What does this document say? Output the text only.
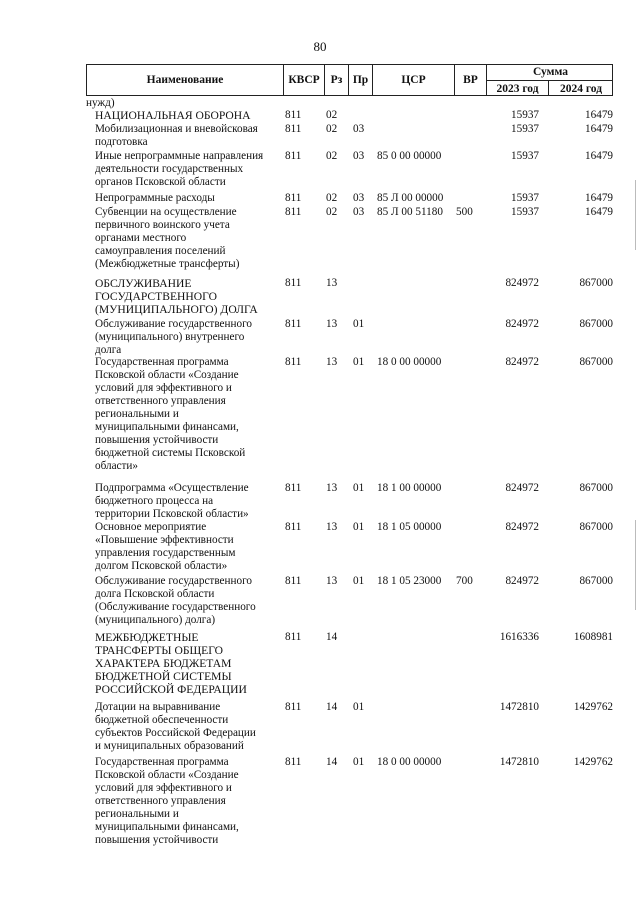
80
Наименование	КВСР Рз Пр	ЦСР	ВР
Сумма
2023 год	2024 год
нужд)
НАЦИОНАЛЬНАЯ ОБОРОНА	811 02	15937	16479
Мобилизационная и вневойсковая
подготовка
811 02 03	15937	16479
Иные непрограммные направления
деятельности государственных
органов Псковской области
811 02 03 85 0 00 00000	15937	16479
Непрограммные расходы	811 02 03 85 Л 00 00000	15937	16479
Субвенции на осуществление
первичного воинского учета
органами местного
самоуправления поселений
(Межбюджетные трансферты)
811 02 03 85 Л 00 51180 500	15937	16479
ОБСЛУЖИВАНИЕ
ГОСУДАРСТВЕННОГО
(МУНИЦИПАЛЬНОГО) ДОЛГА
811 13	824972	867000
Обслуживание государственного
(муниципального) внутреннего
долга
811 13 01	824972	867000
Государственная программа
Псковской области «Создание
условий для эффективного и
ответственного управления
региональными и
муниципальными финансами,
повышения устойчивости
бюджетной системы Псковской
области»
811 13 01 18 0 00 00000	824972	867000
Подпрограмма «Осуществление
бюджетного процесса на
территории Псковской области»
811 13 01 18 1 00 00000	824972	867000
Основное мероприятие
«Повышение эффективности
управления государственным
долгом Псковской области»
811 13 01 18 1 05 00000	824972	867000
Обслуживание государственного
долга Псковской области
(Обслуживание государственного
(муниципального) долга)
811 13 01 18 1 05 23000 700	824972	867000
МЕЖБЮДЖЕТНЫЕ
ТРАНСФЕРТЫ ОБЩЕГО
ХАРАКТЕРА БЮДЖЕТАМ
БЮДЖЕТНОЙ СИСТЕМЫ
РОССИЙСКОЙ ФЕДЕРАЦИИ
811 14	1616336	1608981
Дотации на выравнивание
бюджетной обеспеченности
субъектов Российской Федерации
и муниципальных образований
811 14 01	1472810	1429762
Государственная программа
Псковской области «Создание
условий для эффективного и
ответственного управления
региональными и
муниципальными финансами,
повышения устойчивости
811 14 01 18 0 00 00000	1472810	1429762
